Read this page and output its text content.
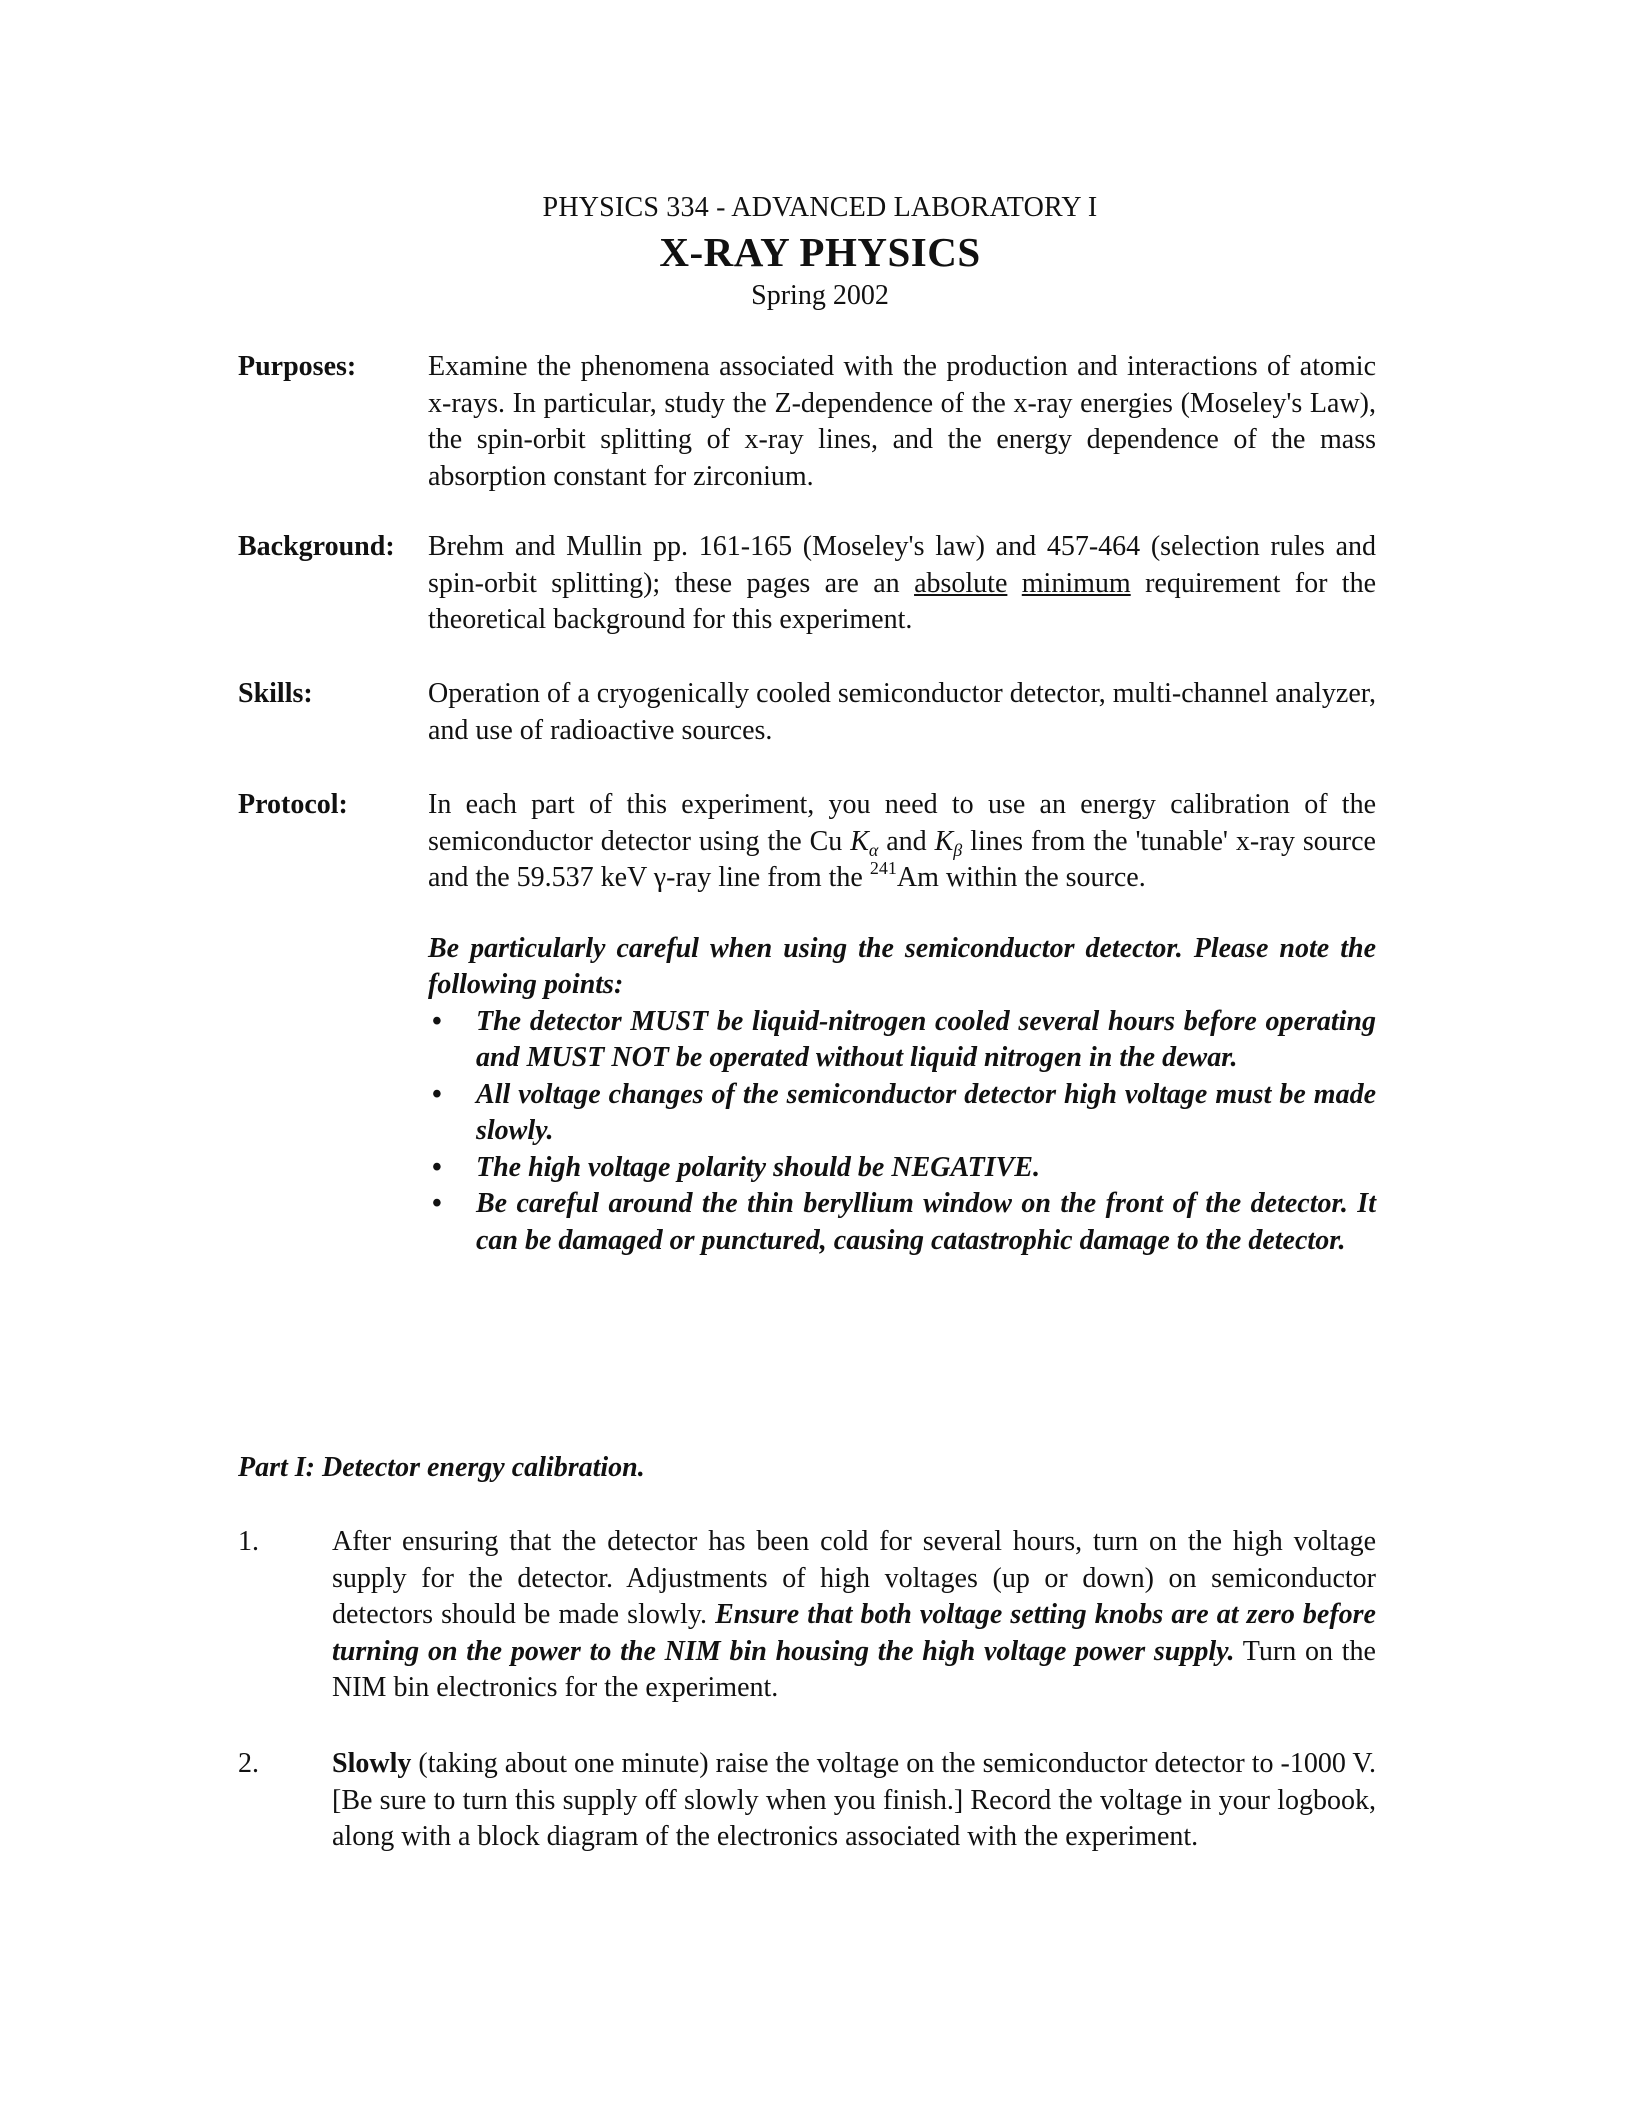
PHYSICS 334 - ADVANCED LABORATORY I
X-RAY PHYSICS
Spring 2002
Purposes:	Examine the phenomena associated with the production and interactions of atomic x-rays. In particular, study the Z-dependence of the x-ray energies (Moseley's Law), the spin-orbit splitting of x-ray lines, and the energy dependence of the mass absorption constant for zirconium.
Background: Brehm and Mullin pp. 161-165 (Moseley's law) and 457-464 (selection rules and spin-orbit splitting); these pages are an absolute minimum requirement for the theoretical background for this experiment.
Skills:	Operation of a cryogenically cooled semiconductor detector, multi-channel analyzer, and use of radioactive sources.
Protocol:	In each part of this experiment, you need to use an energy calibration of the semiconductor detector using the Cu $K_\alpha$ and $K_\beta$ lines from the 'tunable' x-ray source and the 59.537 keV γ-ray line from the $^{241}$Am within the source.
Be particularly careful when using the semiconductor detector. Please note the following points:
• The detector MUST be liquid-nitrogen cooled several hours before operating and MUST NOT be operated without liquid nitrogen in the dewar.
• All voltage changes of the semiconductor detector high voltage must be made slowly.
• The high voltage polarity should be NEGATIVE.
• Be careful around the thin beryllium window on the front of the detector. It can be damaged or punctured, causing catastrophic damage to the detector.
Part I: Detector energy calibration.
1.	After ensuring that the detector has been cold for several hours, turn on the high voltage supply for the detector. Adjustments of high voltages (up or down) on semiconductor detectors should be made slowly. Ensure that both voltage setting knobs are at zero before turning on the power to the NIM bin housing the high voltage power supply. Turn on the NIM bin electronics for the experiment.
2.	Slowly (taking about one minute) raise the voltage on the semiconductor detector to -1000 V. [Be sure to turn this supply off slowly when you finish.] Record the voltage in your logbook, along with a block diagram of the electronics associated with the experiment.
